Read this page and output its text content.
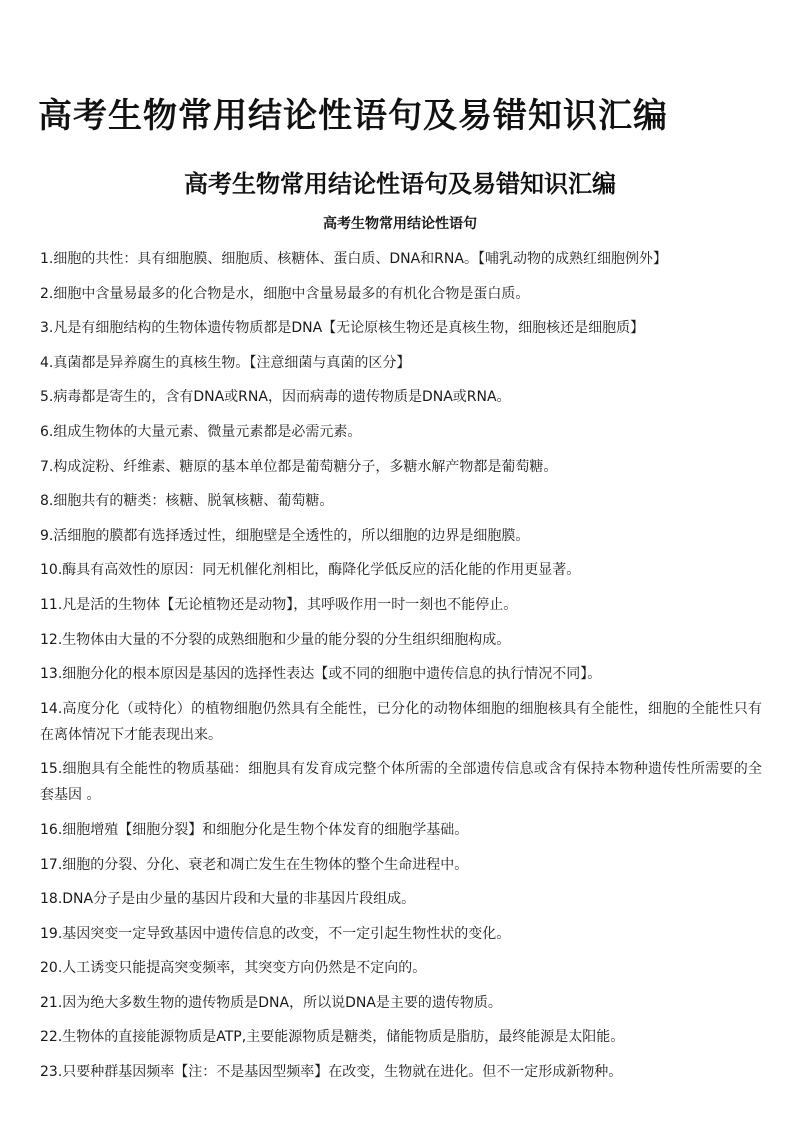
高考生物常用结论性语句及易错知识汇编
高考生物常用结论性语句及易错知识汇编
高考生物常用结论性语句

1.细胞的共性：具有细胞膜、细胞质、核糖体、蛋白质、DNA和RNA。【哺乳动物的成熟红细胞例外】

2.细胞中含量易最多的化合物是水，细胞中含量易最多的有机化合物是蛋白质。

3.凡是有细胞结构的生物体遗传物质都是DNA【无论原核生物还是真核生物，细胞核还是细胞质】

4.真菌都是异养腐生的真核生物。【注意细菌与真菌的区分】

5.病毒都是寄生的，含有DNA或RNA，因而病毒的遗传物质是DNA或RNA。

6.组成生物体的大量元素、微量元素都是必需元素。

7.构成淀粉、纤维素、糖原的基本单位都是葡萄糖分子，多糖水解产物都是葡萄糖。

8.细胞共有的糖类：核糖、脱氧核糖、葡萄糖。

9.活细胞的膜都有选择透过性，细胞壁是全透性的，所以细胞的边界是细胞膜。

10.酶具有高效性的原因：同无机催化剂相比，酶降化学低反应的活化能的作用更显著。

11.凡是活的生物体【无论植物还是动物】，其呼吸作用一时一刻也不能停止。

12.生物体由大量的不分裂的成熟细胞和少量的能分裂的分生组织细胞构成。

13.细胞分化的根本原因是基因的选择性表达【或不同的细胞中遗传信息的执行情况不同】。

14.高度分化（或特化）的植物细胞仍然具有全能性，已分化的动物体细胞的细胞核具有全能性，细胞的全能性只有在离体情况下才能表现出来。

15.细胞具有全能性的物质基础：细胞具有发育成完整个体所需的全部遗传信息或含有保持本物种遗传性所需要的全套基因 。

16.细胞增殖【细胞分裂】和细胞分化是生物个体发育的细胞学基础。

17.细胞的分裂、分化、衰老和凋亡发生在生物体的整个生命进程中。

18.DNA分子是由少量的基因片段和大量的非基因片段组成。

19.基因突变一定导致基因中遗传信息的改变，不一定引起生物性状的变化。

20.人工诱变只能提高突变频率，其突变方向仍然是不定向的。

21.因为绝大多数生物的遗传物质是DNA，所以说DNA是主要的遗传物质。

22.生物体的直接能源物质是ATP,主要能源物质是糖类，储能物质是脂肪，最终能源是太阳能。

23.只要种群基因频率【注：不是基因型频率】在改变，生物就在进化。但不一定形成新物种。
